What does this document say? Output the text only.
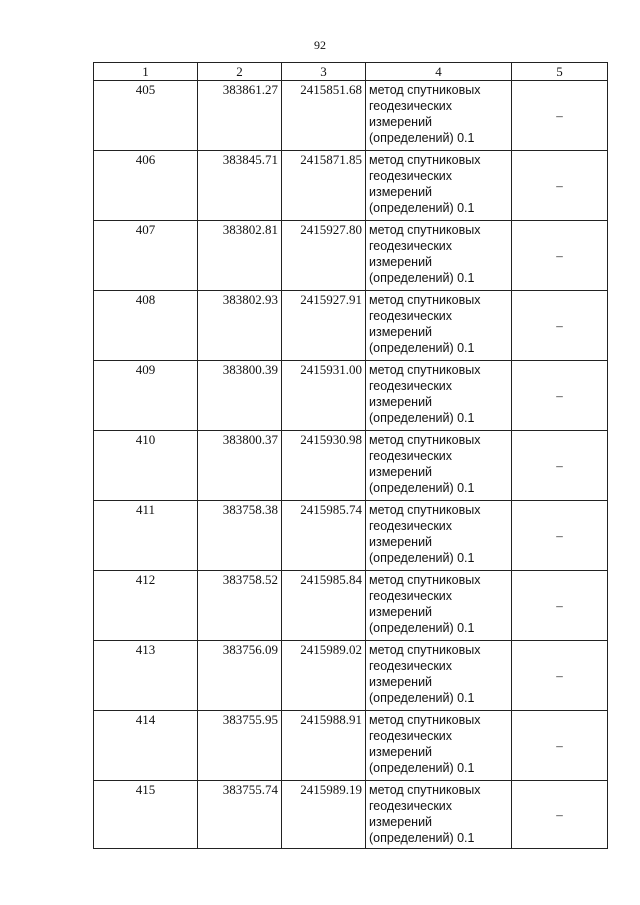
92
1	2	3	4	5
405	383861.27	2415851.68	метод спутниковых геодезических измерений (определений) 0.1	–
406	383845.71	2415871.85	метод спутниковых геодезических измерений (определений) 0.1	–
407	383802.81	2415927.80	метод спутниковых геодезических измерений (определений) 0.1	–
408	383802.93	2415927.91	метод спутниковых геодезических измерений (определений) 0.1	–
409	383800.39	2415931.00	метод спутниковых геодезических измерений (определений) 0.1	–
410	383800.37	2415930.98	метод спутниковых геодезических измерений (определений) 0.1	–
411	383758.38	2415985.74	метод спутниковых геодезических измерений (определений) 0.1	–
412	383758.52	2415985.84	метод спутниковых геодезических измерений (определений) 0.1	–
413	383756.09	2415989.02	метод спутниковых геодезических измерений (определений) 0.1	–
414	383755.95	2415988.91	метод спутниковых геодезических измерений (определений) 0.1	–
415	383755.74	2415989.19	метод спутниковых геодезических измерений (определений) 0.1	–
